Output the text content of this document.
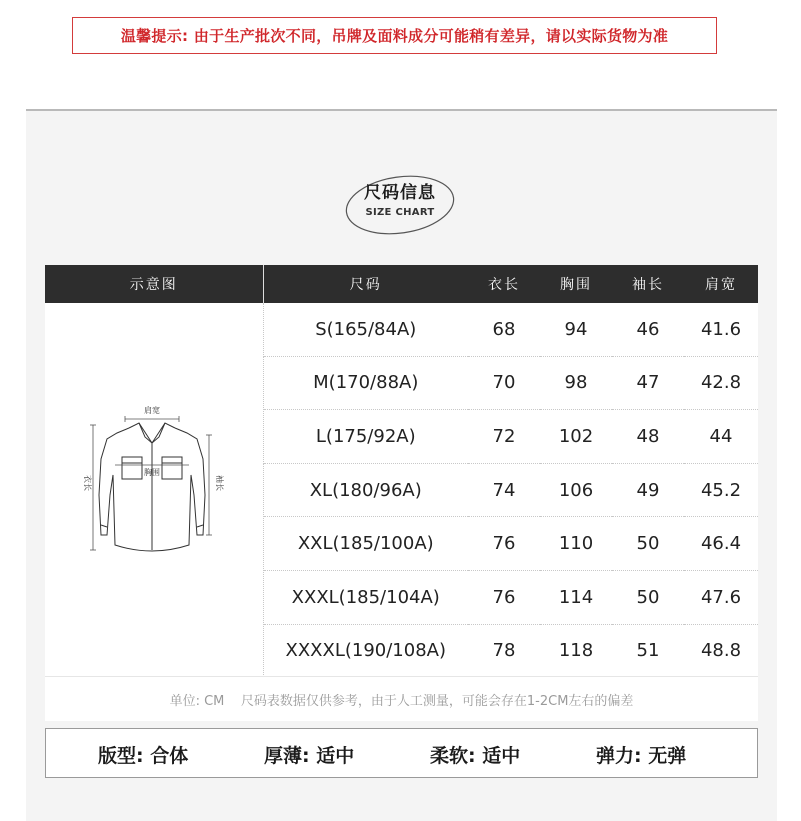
温馨提示: 由于生产批次不同，吊牌及面料成分可能稍有差异，请以实际货物为准
尺码信息
SIZE CHART
示意图	尺码	衣长	胸围	袖长	肩宽

肩宽
胸围
衣长 袖长	S(165/84A)	68	94	46	41.6
	M(170/88A)	70	98	47	42.8
	L(175/92A)	72	102	48	44
	XL(180/96A)	74	106	49	45.2
	XXL(185/100A)	76	110	50	46.4
	XXXL(185/104A)	76	114	50	47.6
	XXXXL(190/108A)	78	118	51	48.8
单位: CM    尺码表数据仅供参考，由于人工测量，可能会存在1-2CM左右的偏差
版型: 合体	厚薄: 适中	柔软: 适中	弹力: 无弹
